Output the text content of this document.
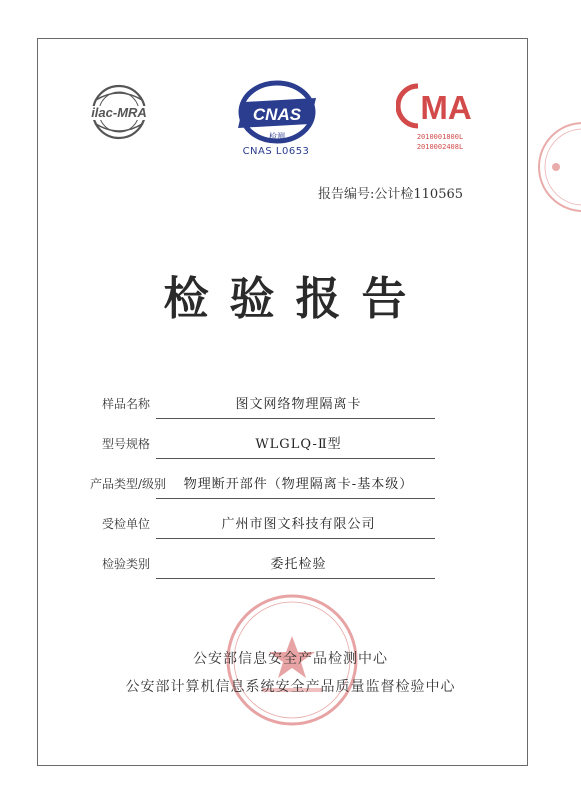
ilac-MRA	CNAS
检测
CNAS L0653
MA
2010001800L
2010002408L
报告编号:公计检110565
检验报告
样品名称	图文网络物理隔离卡
型号规格	WLGLQ-Ⅱ型
产品类型/级别	物理断开部件（物理隔离卡-基本级）
受检单位	广州市图文科技有限公司
检验类别	委托检验
公安部信息安全产品检测中心
公安部计算机信息系统安全产品质量监督检验中心
